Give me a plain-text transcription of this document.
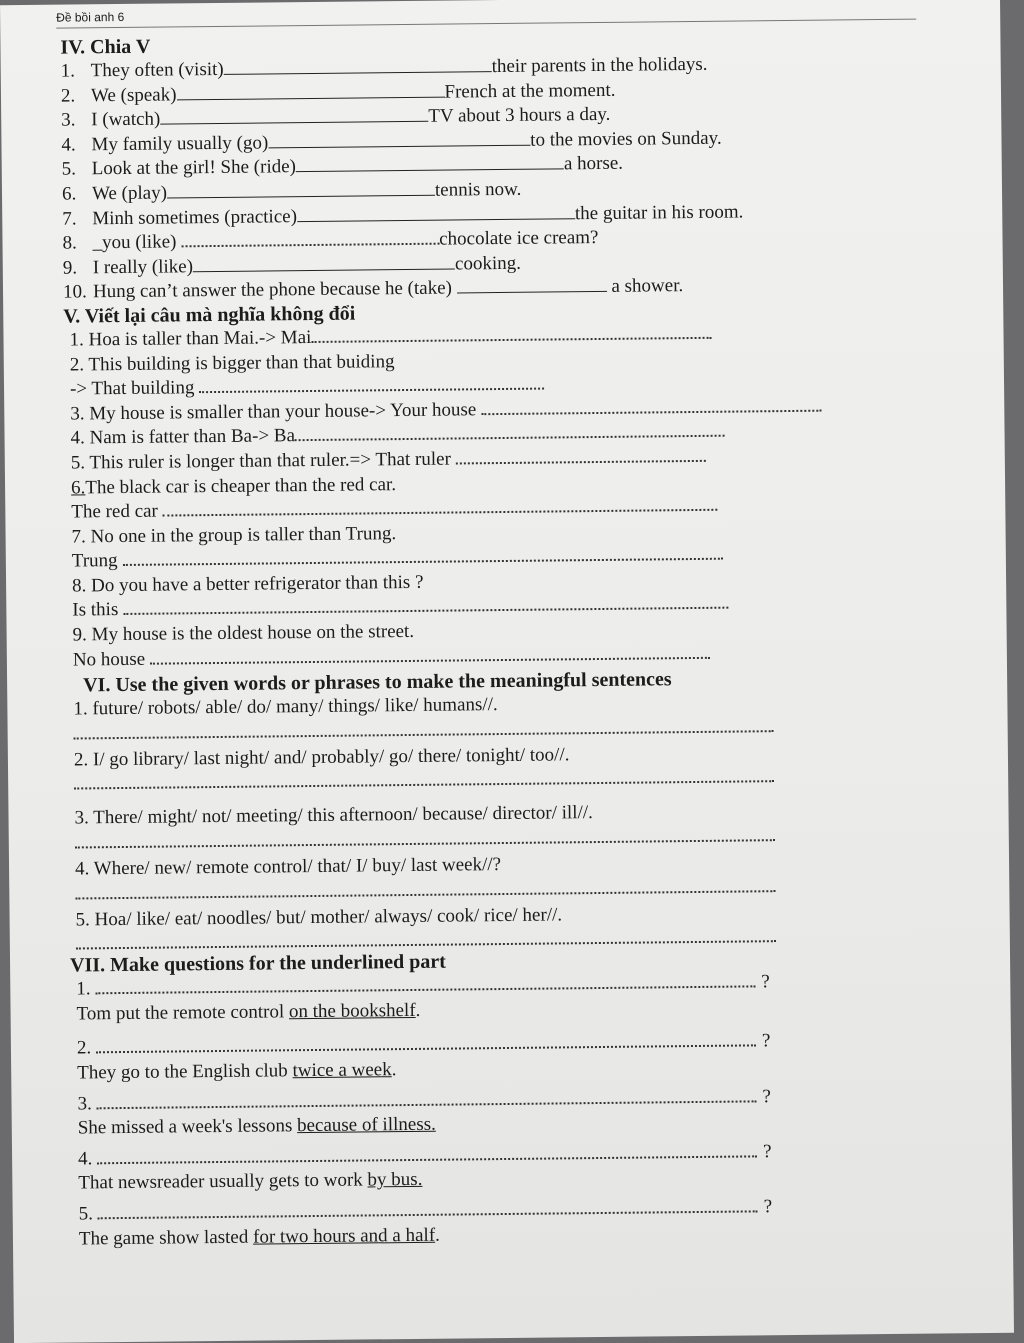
Đề bồi anh 6
IV. Chia V
1. They often (visit)	their parents in the holidays.
2. We (speak)	French at the moment.
3. I (watch)	TV about 3 hours a day.
4. My family usually (go)	to the movies on Sunday.
5. Look at the girl! She (ride)	a horse.
6. We (play)	tennis now.
7. Minh sometimes (practice)	the guitar in his room.
8. _you (like)	chocolate ice cream?
9. I really (like)	cooking.
10. Hung can’t answer the phone because he (take)	a shower.
V. Viết lại câu mà nghĩa không đổi
1. Hoa is taller than Mai.-> Mai
2. This building is bigger than that buiding
-> That building
3. My house is smaller than your house-> Your house
4. Nam is fatter than Ba-> Ba
5. This ruler is longer than that ruler.=> That ruler
6.The black car is cheaper than the red car.
The red car
7. No one in the group is taller than Trung.
Trung
8. Do you have a better refrigerator than this ?
Is this
9. My house is the oldest house on the street.
No house
VI. Use the given words or phrases to make the meaningful sentences
1. future/ robots/ able/ do/ many/ things/ like/ humans//.
2. I/ go library/ last night/ and/ probably/ go/ there/ tonight/ too//.
3. There/ might/ not/ meeting/ this afternoon/ because/ director/ ill//.
4. Where/ new/ remote control/ that/ I/ buy/ last week//?
5. Hoa/ like/ eat/ noodles/ but/ mother/ always/ cook/ rice/ her//.
VII. Make questions for the underlined part
1.	?
Tom put the remote control on the bookshelf.
2.	?
They go to the English club twice a week.
3.	?
She missed a week's lessons because of illness.
4.	?
That newsreader usually gets to work by bus.
5.	?
The game show lasted for two hours and a half.
